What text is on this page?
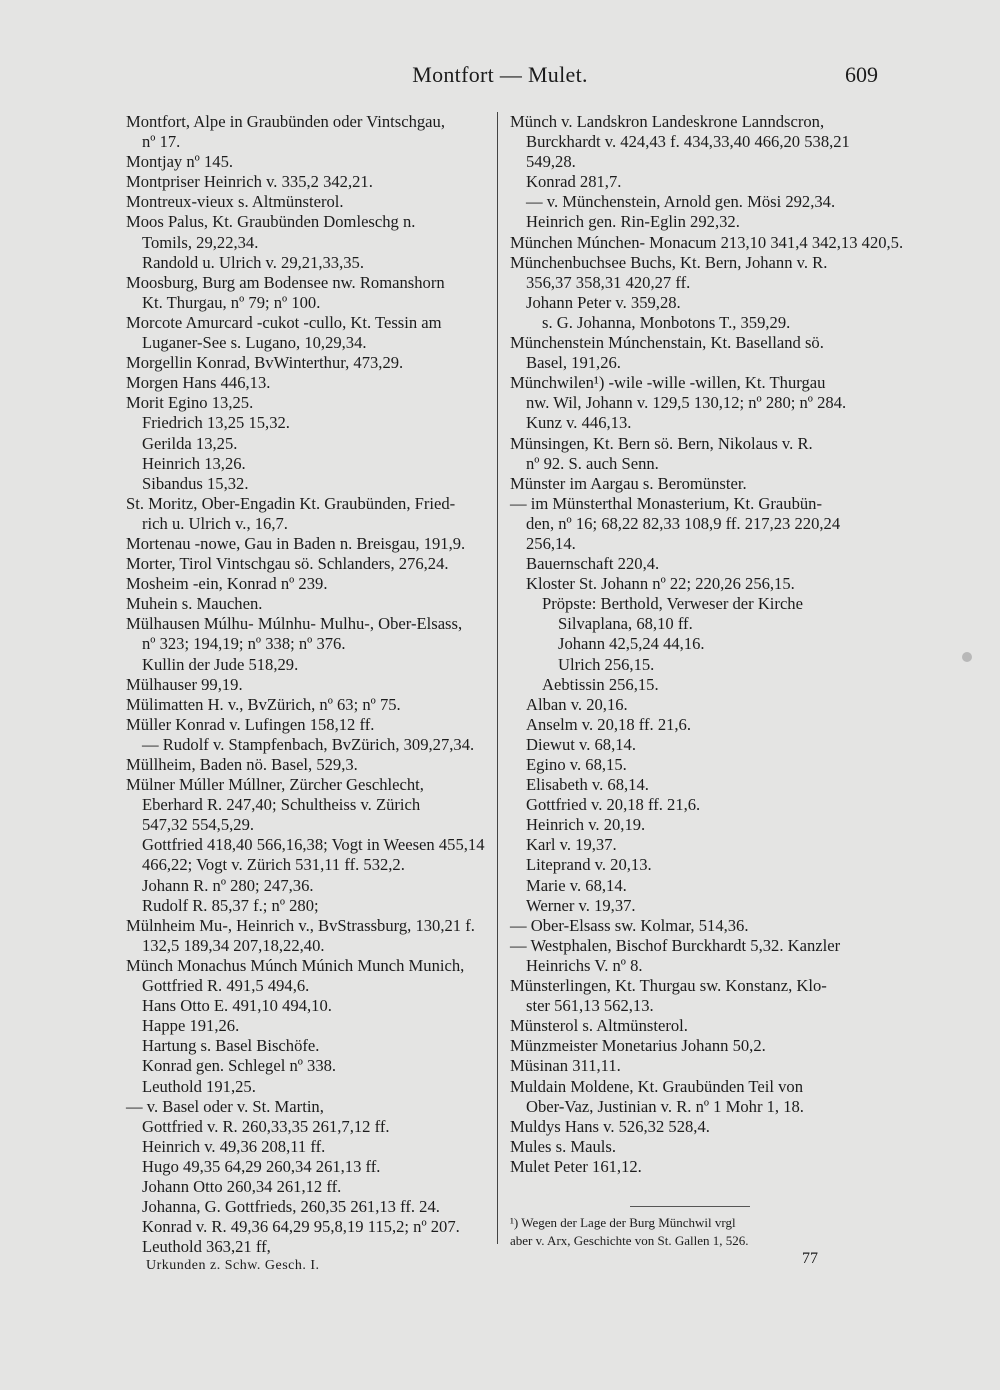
Montfort — Mulet.	609
Montfort, Alpe in Graubünden oder Vintschgau,
nº 17.
Montjay nº 145.
Montpriser Heinrich v. 335,2 342,21.
Montreux-vieux s. Altmünsterol.
Moos Palus, Kt. Graubünden Domleschg n.
Tomils, 29,22,34.
Randold u. Ulrich v. 29,21,33,35.
Moosburg, Burg am Bodensee nw. Romanshorn
Kt. Thurgau, nº 79; nº 100.
Morcote Amurcard -cukot -cullo, Kt. Tessin am
Luganer-See s. Lugano, 10,29,34.
Morgellin Konrad, BvWinterthur, 473,29.
Morgen Hans 446,13.
Morit Egino 13,25.
Friedrich 13,25 15,32.
Gerilda 13,25.
Heinrich 13,26.
Sibandus 15,32.
St. Moritz, Ober-Engadin Kt. Graubünden, Fried-
rich u. Ulrich v., 16,7.
Mortenau -nowe, Gau in Baden n. Breisgau, 191,9.
Morter, Tirol Vintschgau sö. Schlanders, 276,24.
Mosheim -ein, Konrad nº 239.
Muhein s. Mauchen.
Mülhausen Múlhu- Múlnhu- Mulhu-, Ober-Elsass,
nº 323; 194,19; nº 338; nº 376.
Kullin der Jude 518,29.
Mülhauser 99,19.
Mülimatten H. v., BvZürich, nº 63; nº 75.
Müller Konrad v. Lufingen 158,12 ff.
— Rudolf v. Stampfenbach, BvZürich, 309,27,34.
Müllheim, Baden nö. Basel, 529,3.
Mülner Múller Múllner, Zürcher Geschlecht,
Eberhard R. 247,40; Schultheiss v. Zürich
547,32 554,5,29.
Gottfried 418,40 566,16,38; Vogt in Weesen 455,14
466,22; Vogt v. Zürich 531,11 ff. 532,2.
Johann R. nº 280; 247,36.
Rudolf R. 85,37 f.; nº 280;
Mülnheim Mu-, Heinrich v., BvStrassburg, 130,21 f.
132,5 189,34 207,18,22,40.
Münch Monachus Múnch Múnich Munch Munich,
Gottfried R. 491,5 494,6.
Hans Otto E. 491,10 494,10.
Happe 191,26.
Hartung s. Basel Bischöfe.
Konrad gen. Schlegel nº 338.
Leuthold 191,25.
— v. Basel oder v. St. Martin,
Gottfried v. R. 260,33,35 261,7,12 ff.
Heinrich v. 49,36 208,11 ff.
Hugo 49,35 64,29 260,34 261,13 ff.
Johann Otto 260,34 261,12 ff.
Johanna, G. Gottfrieds, 260,35 261,13 ff. 24.
Konrad v. R. 49,36 64,29 95,8,19 115,2; nº 207.
Leuthold 363,21 ff,
Münch v. Landskron Landeskrone Lanndscron,
Burckhardt v. 424,43 f. 434,33,40 466,20 538,21
549,28.
Konrad 281,7.
— v. Münchenstein, Arnold gen. Mösi 292,34.
Heinrich gen. Rin-Eglin 292,32.
München Múnchen- Monacum 213,10 341,4 342,13 420,5.
Münchenbuchsee Buchs, Kt. Bern, Johann v. R.
356,37 358,31 420,27 ff.
Johann Peter v. 359,28.
s. G. Johanna, Monbotons T., 359,29.
Münchenstein Múnchenstain, Kt. Baselland sö.
Basel, 191,26.
Münchwilen¹) -wile -wille -willen, Kt. Thurgau
nw. Wil, Johann v. 129,5 130,12; nº 280; nº 284.
Kunz v. 446,13.
Münsingen, Kt. Bern sö. Bern, Nikolaus v. R.
nº 92. S. auch Senn.
Münster im Aargau s. Beromünster.
— im Münsterthal Monasterium, Kt. Graubün-
den, nº 16; 68,22 82,33 108,9 ff. 217,23 220,24
256,14.
Bauernschaft 220,4.
Kloster St. Johann nº 22; 220,26 256,15.
Pröpste: Berthold, Verweser der Kirche
Silvaplana, 68,10 ff.
Johann 42,5,24 44,16.
Ulrich 256,15.
Aebtissin 256,15.
Alban v. 20,16.
Anselm v. 20,18 ff. 21,6.
Diewut v. 68,14.
Egino v. 68,15.
Elisabeth v. 68,14.
Gottfried v. 20,18 ff. 21,6.
Heinrich v. 20,19.
Karl v. 19,37.
Liteprand v. 20,13.
Marie v. 68,14.
Werner v. 19,37.
— Ober-Elsass sw. Kolmar, 514,36.
— Westphalen, Bischof Burckhardt 5,32. Kanzler
Heinrichs V. nº 8.
Münsterlingen, Kt. Thurgau sw. Konstanz, Klo-
ster 561,13 562,13.
Münsterol s. Altmünsterol.
Münzmeister Monetarius Johann 50,2.
Müsinan 311,11.
Muldain Moldene, Kt. Graubünden Teil von
Ober-Vaz, Justinian v. R. nº 1 Mohr 1, 18.
Muldys Hans v. 526,32 528,4.
Mules s. Mauls.
Mulet Peter 161,12.
¹) Wegen der Lage der Burg Münchwil vrgl
aber v. Arx, Geschichte von St. Gallen 1, 526.
Urkunden z. Schw. Gesch. I.	77
